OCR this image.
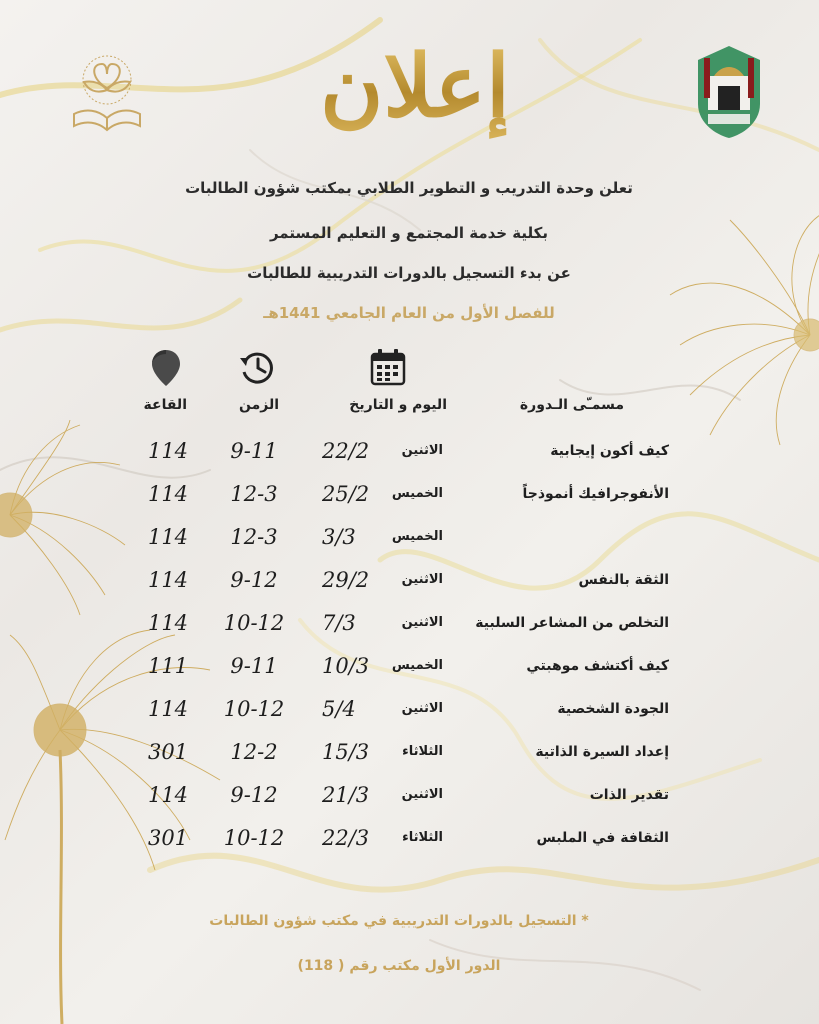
إعلان
تعلن وحدة التدريب و التطوير الطلابي بمكتب شؤون الطالبات
بكلية خدمة المجتمع و التعليم المستمر
عن بدء التسجيل بالدورات التدريبية للطالبات
للفصل الأول من العام الجامعي 1441هـ
مسمـّى الـدورة
اليوم و التاريخ
الزمن
القاعة
كيف أكون إيجابية
الاثنين
22/2
9-11
114
الأنفوجرافيك أنموذجاً
الخميس
25/2
12-3
114
الخميس
3/3
12-3
114
الثقة بالنفس
الاثنين
29/2
9-12
114
التخلص من المشاعر السلبية
الاثنين
7/3
10-12
114
كيف أكتشف موهبتي
الخميس
10/3
9-11
111
الجودة الشخصية
الاثنين
5/4
10-12
114
إعداد السيرة الذاتية
الثلاثاء
15/3
12-2
301
تقدير الذات
الاثنين
21/3
9-12
114
الثقافة في الملبس
الثلاثاء
22/3
10-12
301
* التسجيل بالدورات التدريبية في مكتب شؤون الطالبات
الدور الأول مكتب رقم ( 118)
